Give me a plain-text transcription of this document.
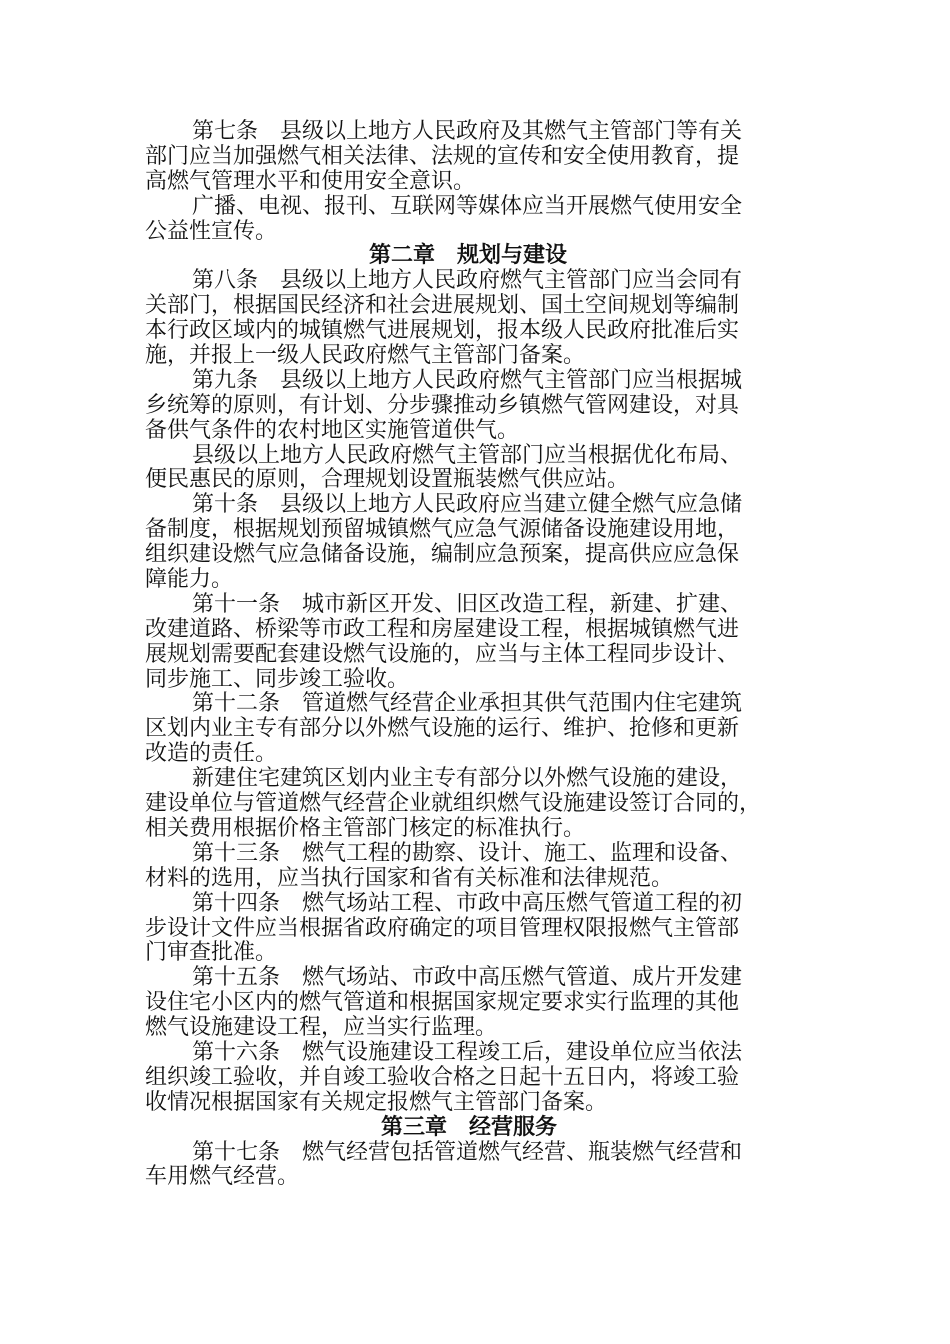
第七条　县级以上地方人民政府及其燃气主管部门等有关
部门应当加强燃气相关法律、法规的宣传和安全使用教育，提
高燃气管理水平和使用安全意识。
广播、电视、报刊、互联网等媒体应当开展燃气使用安全
公益性宣传。
第二章　规划与建设
第八条　县级以上地方人民政府燃气主管部门应当会同有
关部门，根据国民经济和社会进展规划、国土空间规划等编制
本行政区域内的城镇燃气进展规划，报本级人民政府批准后实
施，并报上一级人民政府燃气主管部门备案。
第九条　县级以上地方人民政府燃气主管部门应当根据城
乡统筹的原则，有计划、分步骤推动乡镇燃气管网建设，对具
备供气条件的农村地区实施管道供气。
县级以上地方人民政府燃气主管部门应当根据优化布局、
便民惠民的原则，合理规划设置瓶装燃气供应站。
第十条　县级以上地方人民政府应当建立健全燃气应急储
备制度，根据规划预留城镇燃气应急气源储备设施建设用地，
组织建设燃气应急储备设施，编制应急预案，提高供应应急保
障能力。
第十一条　城市新区开发、旧区改造工程，新建、扩建、
改建道路、桥梁等市政工程和房屋建设工程，根据城镇燃气进
展规划需要配套建设燃气设施的，应当与主体工程同步设计、
同步施工、同步竣工验收。
第十二条　管道燃气经营企业承担其供气范围内住宅建筑
区划内业主专有部分以外燃气设施的运行、维护、抢修和更新
改造的责任。
新建住宅建筑区划内业主专有部分以外燃气设施的建设，
建设单位与管道燃气经营企业就组织燃气设施建设签订合同的，
相关费用根据价格主管部门核定的标准执行。
第十三条　燃气工程的勘察、设计、施工、监理和设备、
材料的选用，应当执行国家和省有关标准和法律规范。
第十四条　燃气场站工程、市政中高压燃气管道工程的初
步设计文件应当根据省政府确定的项目管理权限报燃气主管部
门审查批准。
第十五条　燃气场站、市政中高压燃气管道、成片开发建
设住宅小区内的燃气管道和根据国家规定要求实行监理的其他
燃气设施建设工程，应当实行监理。
第十六条　燃气设施建设工程竣工后，建设单位应当依法
组织竣工验收，并自竣工验收合格之日起十五日内，将竣工验
收情况根据国家有关规定报燃气主管部门备案。
第三章　经营服务
第十七条　燃气经营包括管道燃气经营、瓶装燃气经营和
车用燃气经营。
